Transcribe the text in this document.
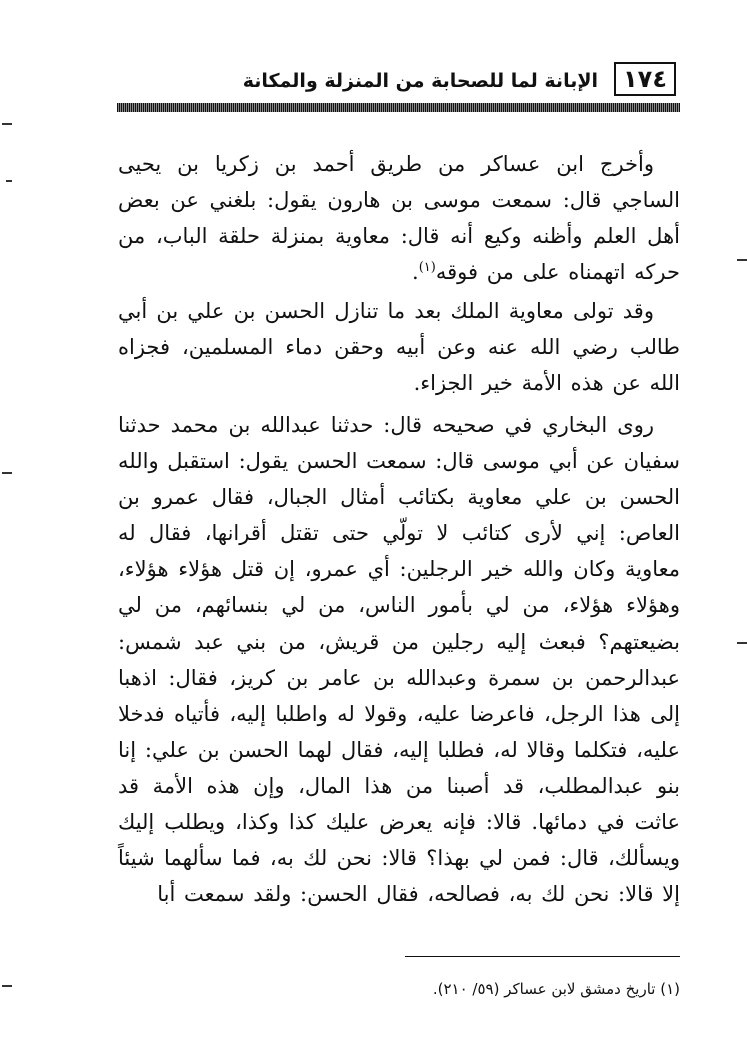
١٧٤
الإبانة لما للصحابة من المنزلة والمكانة

وأخرج ابن عساكر من طريق أحمد بن زكريا بن يحيى الساجي قال: سمعت موسى بن هارون يقول: بلغني عن بعض أهل العلم وأظنه وكيع أنه قال: معاوية بمنزلة حلقة الباب، من حركه اتهمناه على من فوقه$^{(١)}$.

وقد تولى معاوية الملك بعد ما تنازل الحسن بن علي بن أبي طالب رضي الله عنه وعن أبيه وحقن دماء المسلمين، فجزاه الله عن هذه الأمة خير الجزاء.

روى البخاري في صحيحه قال: حدثنا عبدالله بن محمد حدثنا سفيان عن أبي موسى قال: سمعت الحسن يقول: استقبل والله الحسن بن علي معاوية بكتائب أمثال الجبال، فقال عمرو بن العاص: إني لأرى كتائب لا تولّي حتى تقتل أقرانها، فقال له معاوية وكان والله خير الرجلين: أي عمرو، إن قتل هؤلاء هؤلاء، وهؤلاء هؤلاء، من لي بأمور الناس، من لي بنسائهم، من لي بضيعتهم؟ فبعث إليه رجلين من قريش، من بني عبد شمس: عبدالرحمن بن سمرة وعبدالله بن عامر بن كريز، فقال: اذهبا إلى هذا الرجل، فاعرضا عليه، وقولا له واطلبا إليه، فأتياه فدخلا عليه، فتكلما وقالا له، فطلبا إليه، فقال لهما الحسن بن علي: إنا بنو عبدالمطلب، قد أصبنا من هذا المال، وإن هذه الأمة قد عاثت في دمائها. قالا: فإنه يعرض عليك كذا وكذا، ويطلب إليك ويسألك، قال: فمن لي بهذا؟ قالا: نحن لك به، فما سألهما شيئاً إلا قالا: نحن لك به، فصالحه، فقال الحسن: ولقد سمعت أبا

(١) تاريخ دمشق لابن عساكر (٥٩/ ٢١٠).
